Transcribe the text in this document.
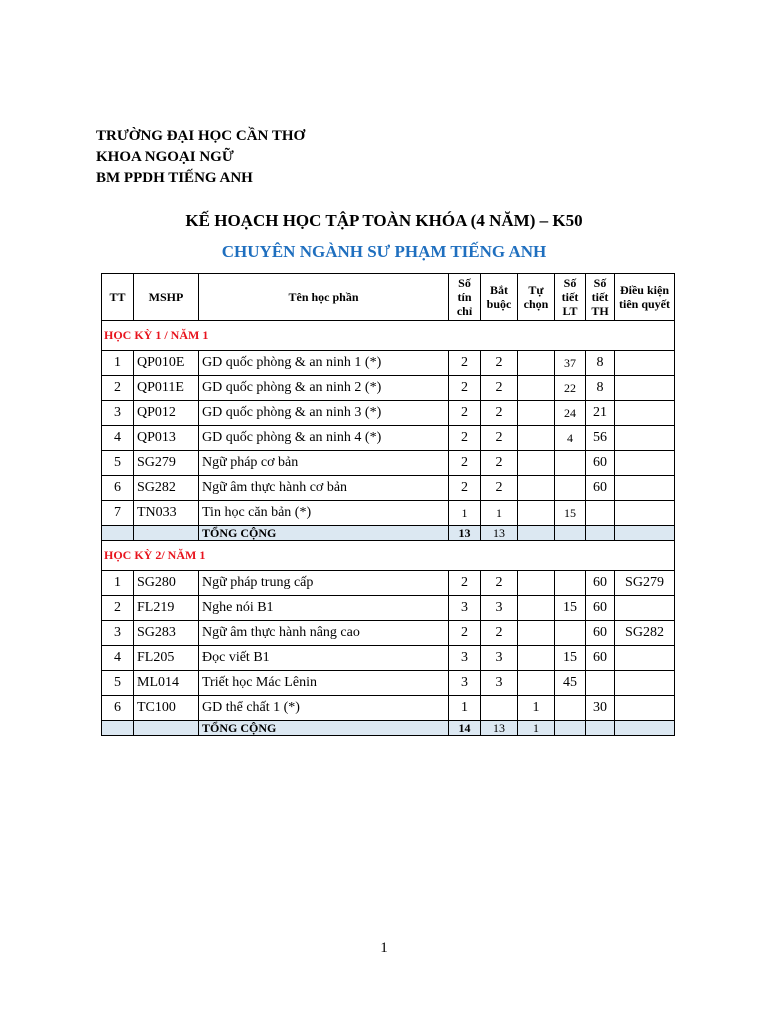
TRƯỜNG ĐẠI HỌC CẦN THƠ
KHOA NGOẠI NGỮ
BM PPDH TIẾNG ANH
KẾ HOẠCH HỌC TẬP TOÀN KHÓA (4 NĂM) – K50
CHUYÊN NGÀNH SƯ PHẠM TIẾNG ANH
TT	MSHP	Tên học phần	Số tín chỉ	Bắt buộc	Tự chọn	Số tiết LT	Số tiết TH	Điều kiện tiên quyết
HỌC KỲ 1 / NĂM 1								
1	QP010E	GD quốc phòng & an ninh 1 (*)	2	2		37	8	
2	QP011E	GD quốc phòng & an ninh 2 (*)	2	2		22	8	
3	QP012	GD quốc phòng & an ninh 3 (*)	2	2		24	21	
4	QP013	GD quốc phòng & an ninh 4 (*)	2	2		4	56	
5	SG279	Ngữ pháp cơ bản	2	2			60	
6	SG282	Ngữ âm thực hành cơ bản	2	2			60	
7	TN033	Tin học căn bản (*)	1	1		15		
		TỔNG CỘNG	13	13				
HỌC KỲ 2/ NĂM 1								
1	SG280	Ngữ pháp trung cấp	2	2			60	SG279
2	FL219	Nghe nói B1	3	3		15	60	
3	SG283	Ngữ âm thực hành nâng cao	2	2			60	SG282
4	FL205	Đọc viết B1	3	3		15	60	
5	ML014	Triết học Mác Lênin	3	3		45		
6	TC100	GD thể chất 1 (*)	1		1		30	
		TỔNG CỘNG	14	13	1			
1
